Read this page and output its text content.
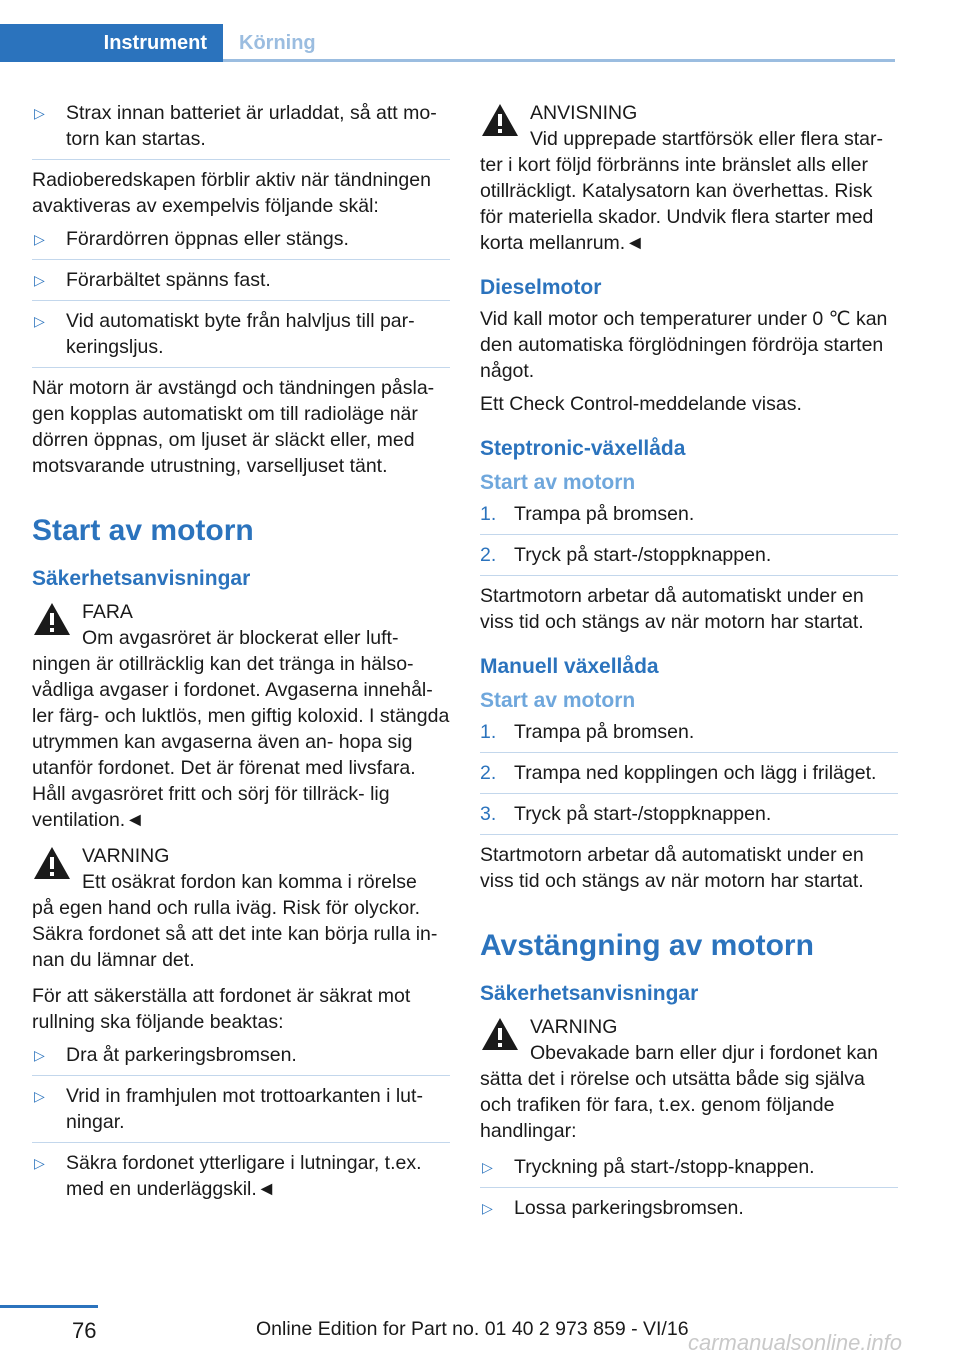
Instrument	Körning
▷ Strax innan batteriet är urladdat, så att mo‐ torn kan startas.

Radioberedskapen förblir aktiv när tändningen avaktiveras av exempelvis följande skäl:

▷ Förardörren öppnas eller stängs.
▷ Förarbältet spänns fast.
▷ Vid automatiskt byte från halvljus till par‐ keringsljus.

När motorn är avstängd och tändningen påsla‐ gen kopplas automatiskt om till radioläge när dörren öppnas, om ljuset är släckt eller, med motsvarande utrustning, varselljuset tänt.

Start av motorn
Säkerhetsanvisningar
FARA
Om avgasröret är blockerat eller luft‐
ningen är otillräcklig kan det tränga in hälso‐ vådliga avgaser i fordonet. Avgaserna innehål‐ ler färg- och luktlös, men giftig koloxid. I stängda utrymmen kan avgaserna även an‐ hopa sig utanför fordonet. Det är förenat med livsfara. Håll avgasröret fritt och sörj för tillräck‐ lig ventilation.◄
VARNING
Ett osäkrat fordon kan komma i rörelse
på egen hand och rulla iväg. Risk för olyckor. Säkra fordonet så att det inte kan börja rulla in‐ nan du lämnar det.

För att säkerställa att fordonet är säkrat mot rullning ska följande beaktas:

▷ Dra åt parkeringsbromsen.
▷ Vrid in framhjulen mot trottoarkanten i lut‐ ningar.
▷ Säkra fordonet ytterligare i lutningar, t.ex. med en underläggskil.◄
ANVISNING
Vid upprepade startförsök eller flera star‐
ter i kort följd förbränns inte bränslet alls eller otillräckligt. Katalysatorn kan överhettas. Risk för materiella skador. Undvik flera starter med korta mellanrum.◄
Dieselmotor

Vid kall motor och temperaturer under 0 ℃ kan den automatiska förglödningen fördröja starten något.

Ett Check Control-meddelande visas.

Steptronic-växellåda
Start av motorn
1. Trampa på bromsen.
2. Tryck på start-/stoppknappen.

Startmotorn arbetar då automatiskt under en viss tid och stängs av när motorn har startat.

Manuell växellåda
Start av motorn
1. Trampa på bromsen.
2. Trampa ned kopplingen och lägg i friläget.
3. Tryck på start-/stoppknappen.

Startmotorn arbetar då automatiskt under en viss tid och stängs av när motorn har startat.

Avstängning av motorn
Säkerhetsanvisningar
VARNING
Obevakade barn eller djur i fordonet kan
sätta det i rörelse och utsätta både sig själva och trafiken för fara, t.ex. genom följande handlingar:
▷ Tryckning på start-/stopp-knappen.
▷ Lossa parkeringsbromsen.
76	Online Edition for Part no. 01 40 2 973 859 - VI/16
carmanualsonline.info
